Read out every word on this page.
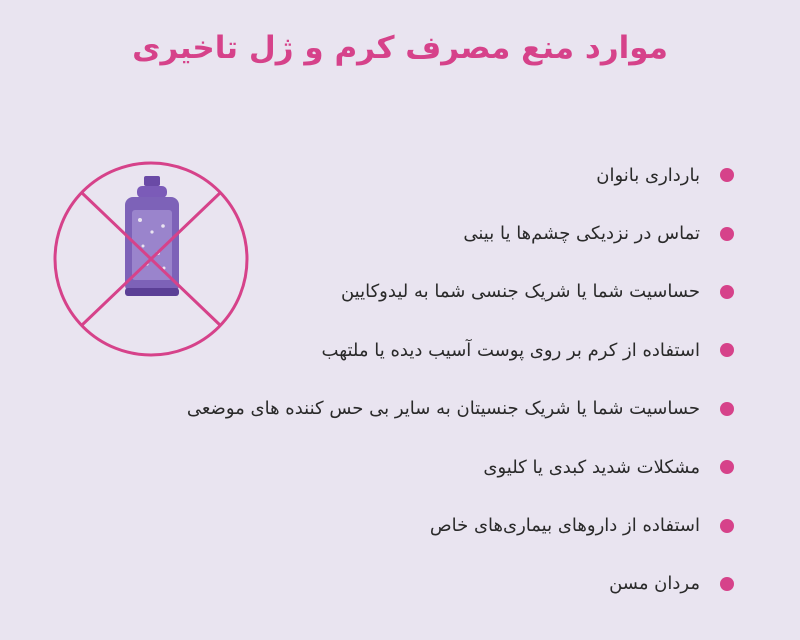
موارد منع مصرف کرم و ژل تاخیری
بارداری بانوان
تماس در نزدیکی چشم‌ها یا بینی
حساسیت شما یا شریک جنسی شما به لیدوکایین
استفاده از کرم بر روی پوست آسیب دیده یا ملتهب
حساسیت شما یا شریک جنسیتان به سایر بی حس کننده های موضعی
مشکلات شدید کبدی یا کلیوی
استفاده از داروهای بیماری‌های خاص
مردان مسن
